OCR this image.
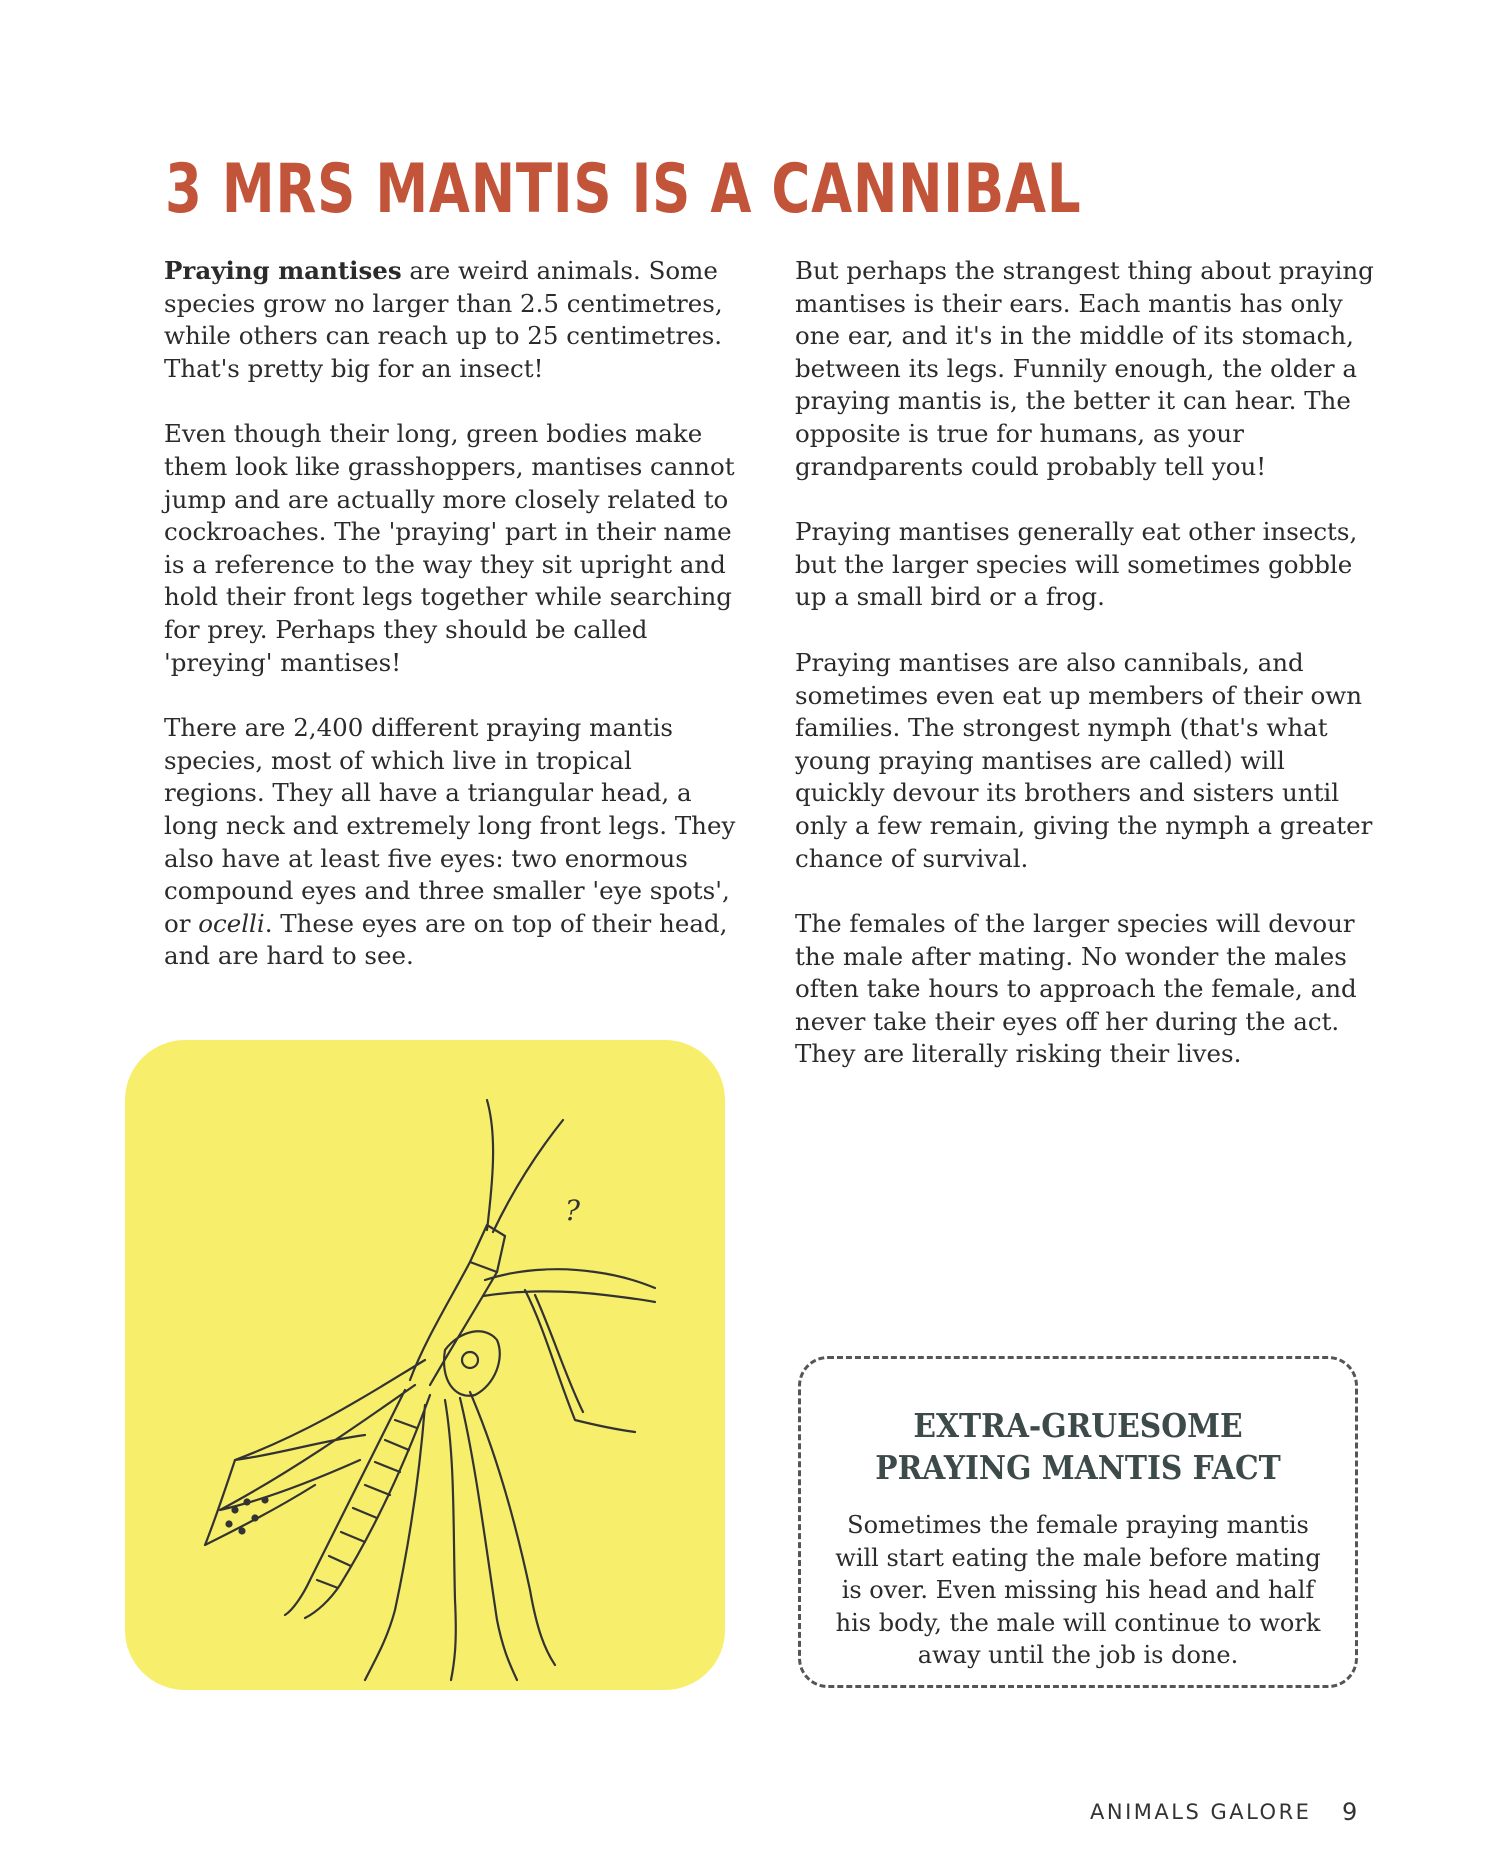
3 MRS MANTIS IS A CANNIBAL

Praying mantises are weird animals. Some species grow no larger than 2.5 centimetres, while others can reach up to 25 centimetres. That's pretty big for an insect!

Even though their long, green bodies make them look like grasshoppers, mantises cannot jump and are actually more closely related to cockroaches. The 'praying' part in their name is a reference to the way they sit upright and hold their front legs together while searching for prey. Perhaps they should be called 'preying' mantises!

There are 2,400 different praying mantis species, most of which live in tropical regions. They all have a triangular head, a long neck and extremely long front legs. They also have at least five eyes: two enormous compound eyes and three smaller 'eye spots', or ocelli. These eyes are on top of their head, and are hard to see.

But perhaps the strangest thing about praying mantises is their ears. Each mantis has only one ear, and it's in the middle of its stomach, between its legs. Funnily enough, the older a praying mantis is, the better it can hear. The opposite is true for humans, as your grandparents could probably tell you!

Praying mantises generally eat other insects, but the larger species will sometimes gobble up a small bird or a frog.

Praying mantises are also cannibals, and sometimes even eat up members of their own families. The strongest nymph (that's what young praying mantises are called) will quickly devour its brothers and sisters until only a few remain, giving the nymph a greater chance of survival.

The females of the larger species will devour the male after mating. No wonder the males often take hours to approach the female, and never take their eyes off her during the act. They are literally risking their lives.

?
EXTRA-GRUESOME
PRAYING MANTIS FACT

Sometimes the female praying mantis will start eating the male before mating is over. Even missing his head and half his body, the male will continue to work away until the job is done.

ANIMALS GALORE 9
